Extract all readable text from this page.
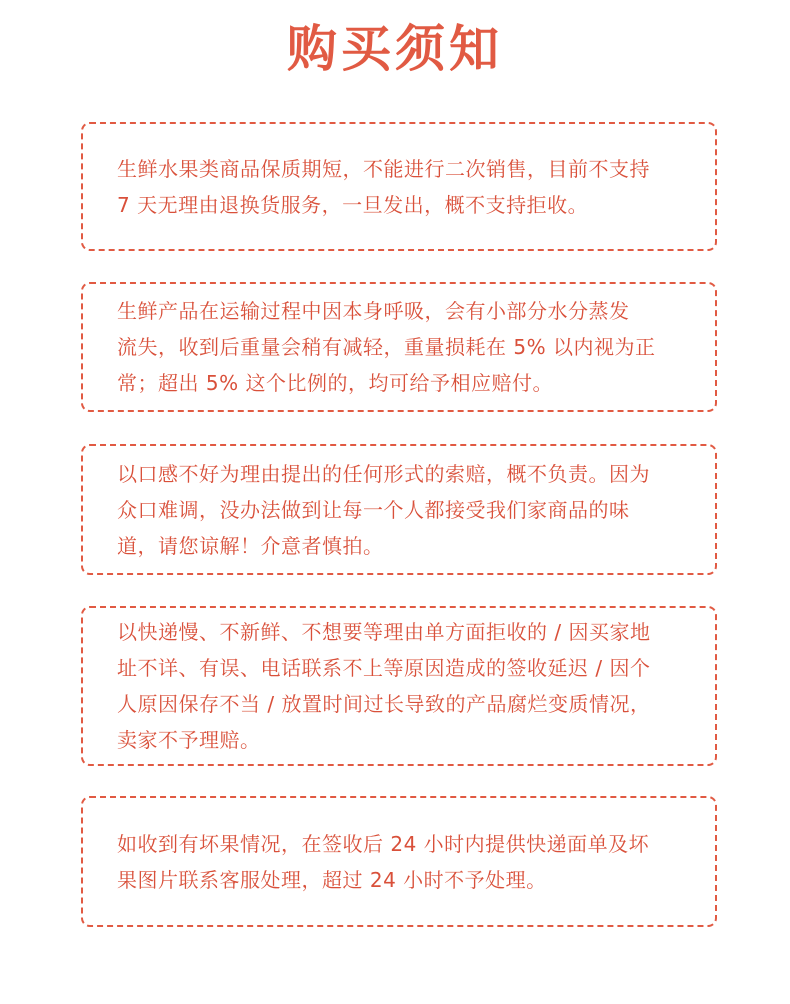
购买须知

生鲜水果类商品保质期短，不能进行二次销售，目前不支持

7 天无理由退换货服务，一旦发出，概不支持拒收。

生鲜产品在运输过程中因本身呼吸，会有小部分水分蒸发

流失，收到后重量会稍有减轻，重量损耗在 5% 以内视为正

常；超出 5% 这个比例的，均可给予相应赔付。

以口感不好为理由提出的任何形式的索赔，概不负责。因为

众口难调，没办法做到让每一个人都接受我们家商品的味

道，请您谅解！介意者慎拍。

以快递慢、不新鲜、不想要等理由单方面拒收的 / 因买家地

址不详、有误、电话联系不上等原因造成的签收延迟 / 因个

人原因保存不当 / 放置时间过长导致的产品腐烂变质情况，

卖家不予理赔。

如收到有坏果情况，在签收后 24 小时内提供快递面单及坏

果图片联系客服处理，超过 24 小时不予处理。
